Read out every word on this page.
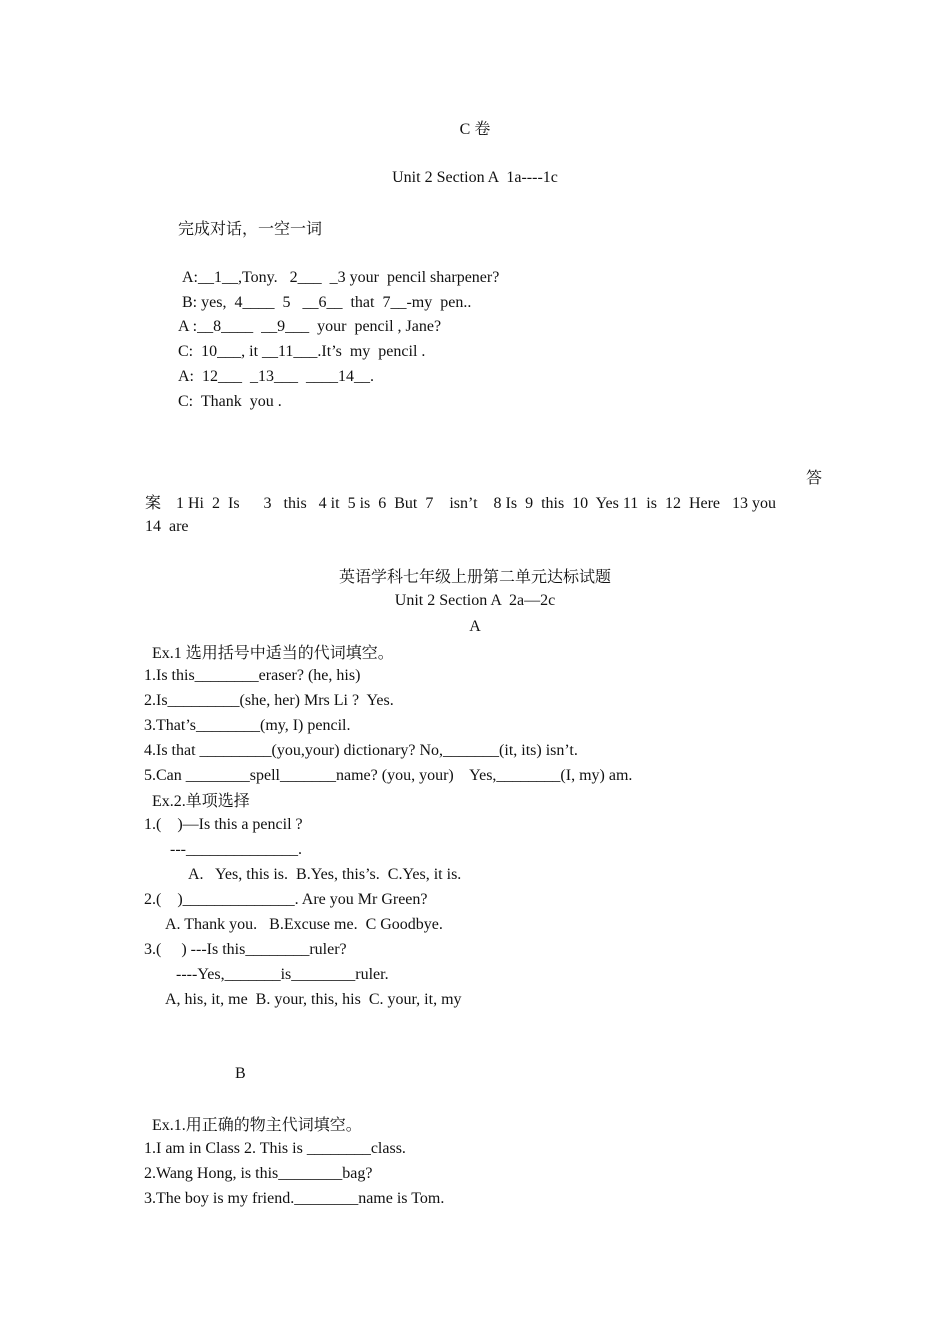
C 卷
Unit 2 Section A  1a----1c
完成对话，一空一词
A:__1__,Tony.   2___  _3 your  pencil sharpener?
B: yes,  4____  5   __6__  that  7__-my  pen..
A :__8____  __9___  your  pencil , Jane?
C:  10___, it __11___.It’s  my  pencil .
A:  12___  _13___  ____14__.
C:  Thank  you .
答
案 1 Hi  2  Is      3   this   4 it  5 is  6  But  7    isn’t    8 Is  9  this  10  Yes 11  is  12  Here   13 you
14  are
英语学科七年级上册第二单元达标试题
Unit 2 Section A  2a—2c
A
Ex.1 选用括号中适当的代词填空。
1.Is this________eraser? (he, his)
2.Is_________(she, her) Mrs Li ?  Yes.
3.That’s________(my, I) pencil.
4.Is that _________(you,your) dictionary? No,_______(it, its) isn’t.
5.Can ________spell_______name? (you, your)    Yes,________(I, my) am.
Ex.2.单项选择
1.(    )—Is this a pencil ?
---______________.
A.   Yes, this is.  B.Yes, this’s.  C.Yes, it is.
2.(    )______________. Are you Mr Green?
A. Thank you.   B.Excuse me.  C Goodbye.
3.(     ) ---Is this________ruler?
----Yes,_______is________ruler.
A, his, it, me  B. your, this, his  C. your, it, my
B
Ex.1.用正确的物主代词填空。
1.I am in Class 2. This is ________class.
2.Wang Hong, is this________bag?
3.The boy is my friend.________name is Tom.
